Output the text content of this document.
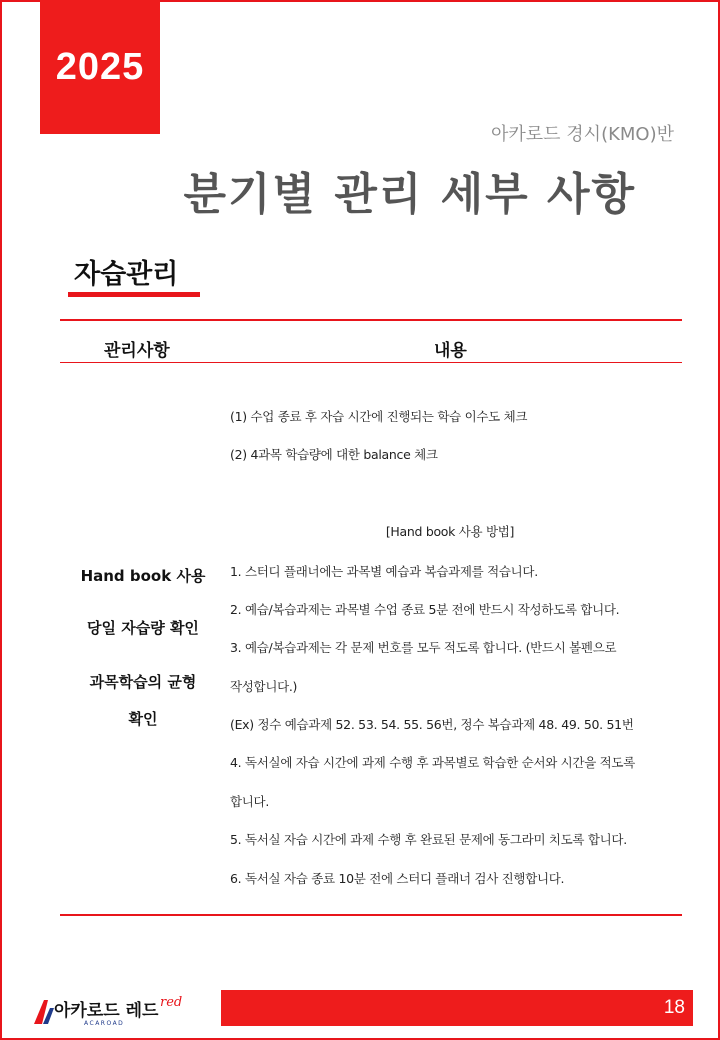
2025
아카로드 경시(KMO)반
분기별 관리 세부 사항
자습관리
관리사항	내용
Hand book 사용
당일 자습량 확인
과목학습의 균형
확인
(1) 수업 종료 후 자습 시간에 진행되는 학습 이수도 체크
(2) 4과목 학습량에 대한 balance 체크
[Hand book 사용 방법]
1. 스터디 플래너에는 과목별 예습과 복습과제를 적습니다.
2. 예습/복습과제는 과목별 수업 종료 5분 전에 반드시 작성하도록 합니다.
3. 예습/복습과제는 각 문제 번호를 모두 적도록 합니다. (반드시 볼펜으로
작성합니다.)
(Ex) 정수 예습과제 52. 53. 54. 55. 56번, 정수 복습과제 48. 49. 50. 51번
4. 독서실에 자습 시간에 과제 수행 후 과목별로 학습한 순서와 시간을 적도록
합니다.
5. 독서실 자습 시간에 과제 수행 후 완료된 문제에 동그라미 치도록 합니다.
6. 독서실 자습 종료 10분 전에 스터디 플래너 검사 진행합니다.
아카로드 레드
ACAROAD
red	18
